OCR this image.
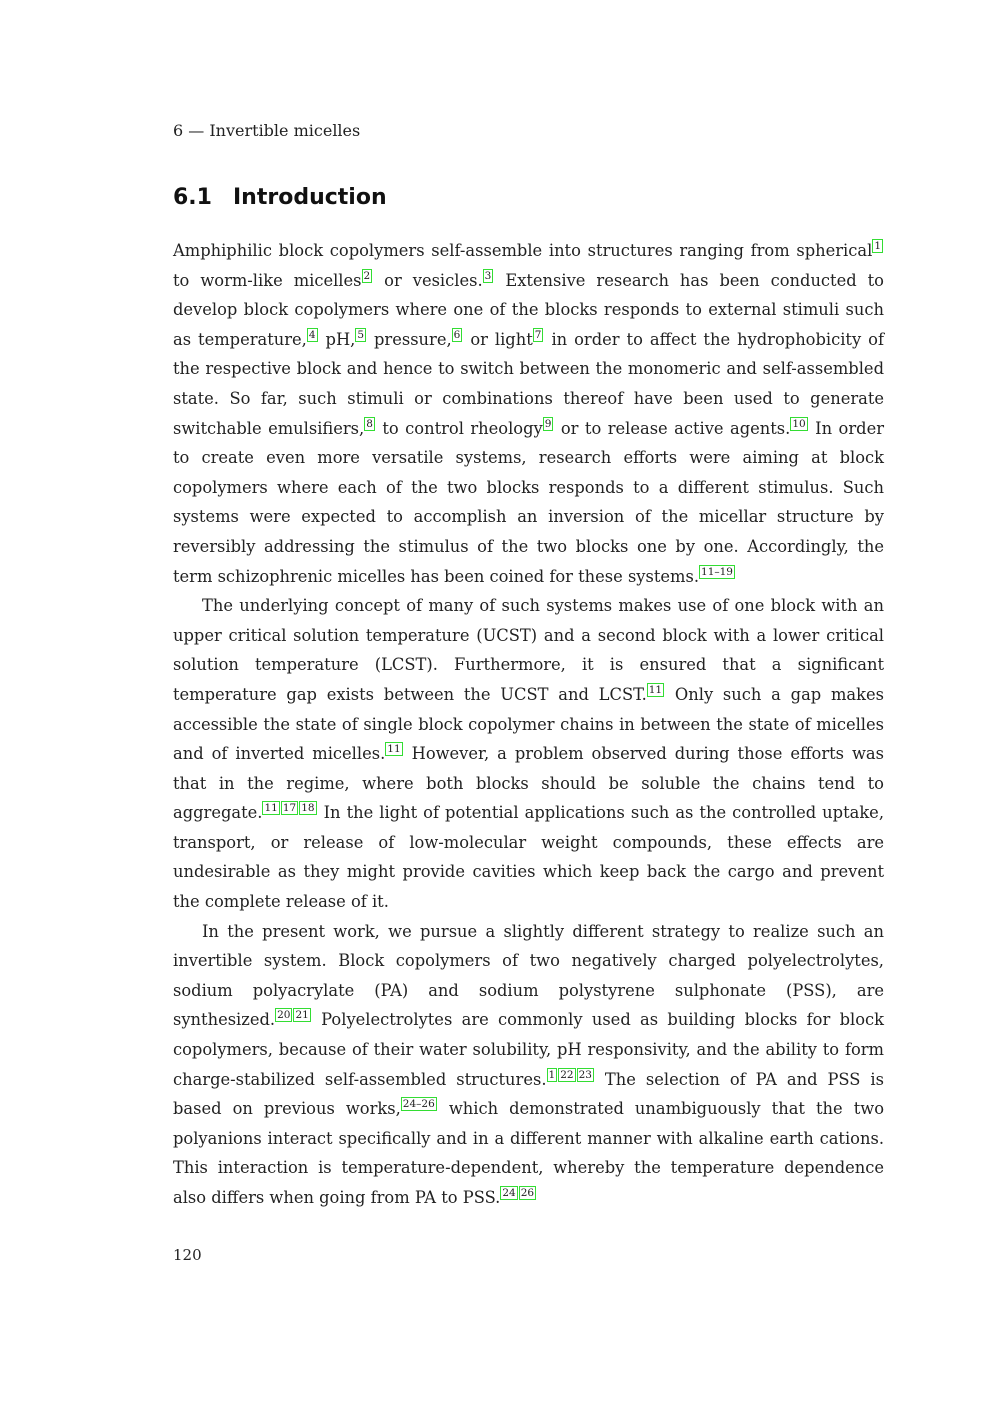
6 — Invertible micelles
6.1 Introduction

Amphiphilic block copolymers self-assemble into structures ranging from spherical $^1$ to worm-like micelles $^2$ or vesicles. $^3$ Extensive research has been conducted to develop block copolymers where one of the blocks responds to external stimuli such as temperature, $^4$ pH, $^5$ pressure, $^6$ or light $^7$ in order to affect the hydrophobicity of the respective block and hence to switch between the monomeric and self-assembled state. So far, such stimuli or combinations thereof have been used to generate switchable emulsifiers, $^8$ to control rheology $^9$ or to release active agents. $^{10}$ In order to create even more versatile systems, research efforts were aiming at block copolymers where each of the two blocks responds to a different stimulus. Such systems were expected to accomplish an inversion of the micellar structure by reversibly addressing the stimulus of the two blocks one by one. Accordingly, the term schizophrenic micelles has been coined for these systems. $^{11-19}$

The underlying concept of many of such systems makes use of one block with an upper critical solution temperature (UCST) and a second block with a lower critical solution temperature (LCST). Furthermore, it is ensured that a significant temperature gap exists between the UCST and LCST. $^{11}$ Only such a gap makes accessible the state of single block copolymer chains in between the state of micelles and of inverted micelles. $^{11}$ However, a problem observed during those efforts was that in the regime, where both blocks should be soluble the chains tend to aggregate. $^{11}$ $^{17}$ $^{18}$ In the light of potential applications such as the controlled uptake, transport, or release of low-molecular weight compounds, these effects are undesirable as they might provide cavities which keep back the cargo and prevent the complete release of it.

In the present work, we pursue a slightly different strategy to realize such an invertible system. Block copolymers of two negatively charged polyelectrolytes, sodium polyacrylate (PA) and sodium polystyrene sulphonate (PSS), are synthesized. $^{20}$ $^{21}$ Polyelectrolytes are commonly used as building blocks for block copolymers, because of their water solubility, pH responsivity, and the ability to form charge-stabilized self-assembled structures. $^1$ $^{22}$ $^{23}$ The selection of PA and PSS is based on previous works, $^{24-26}$ which demonstrated unambiguously that the two polyanions interact specifically and in a different manner with alkaline earth cations. This interaction is temperature-dependent, whereby the temperature dependence also differs when going from PA to PSS. $^{24}$ $^{26}$

120
